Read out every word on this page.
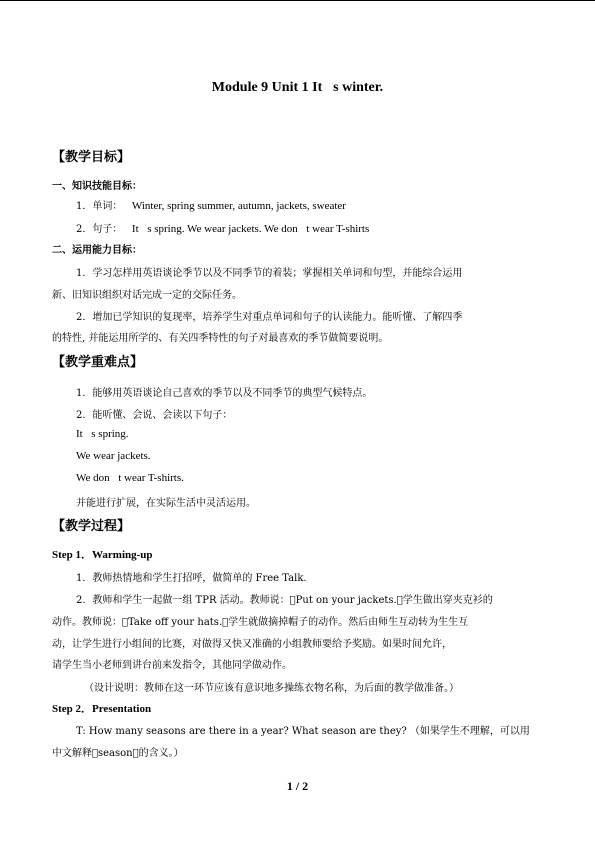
Module 9 Unit 1 It s winter.
【教学目标】
一、知识技能目标：
1．单词： Winter, spring summer, autumn, jackets, sweater
2．句子： It s spring. We wear jackets. We don t wear T-shirts
二、运用能力目标：
1．学习怎样用英语谈论季节以及不同季节的着装；掌握相关单词和句型，并能综合运用
新、旧知识组织对话完成一定的交际任务。
2．增加已学知识的复现率，培养学生对重点单词和句子的认读能力。能听懂、了解四季
的特性, 并能运用所学的、有关四季特性的句子对最喜欢的季节做简要说明。
【教学重难点】
1．能够用英语谈论自己喜欢的季节以及不同季节的典型气候特点。
2．能听懂、会说、会读以下句子：
It s spring.
We wear jackets.
We don t wear T-shirts.
并能进行扩展，在实际生活中灵活运用。
【教学过程】
Step 1．Warming-up
1．教师热情地和学生打招呼，做简单的 Free Talk.
2．教师和学生一起做一组 TPR 活动。教师说： Put on your jackets. 学生做出穿夹克衫的
动作。教师说： Take off your hats. 学生就做摘掉帽子的动作。然后由师生互动转为生生互
动，让学生进行小组间的比赛，对做得又快又准确的小组教师要给予奖励。如果时间允许，
请学生当小老师到讲台前来发指令，其他同学做动作。
（设计说明：教师在这一环节应该有意识地多操练衣物名称，为后面的教学做准备。）
Step 2．Presentation
T: How many seasons are there in a year? What season are they? （如果学生不理解，可以用
中文解释 season 的含义。）
1 / 2
